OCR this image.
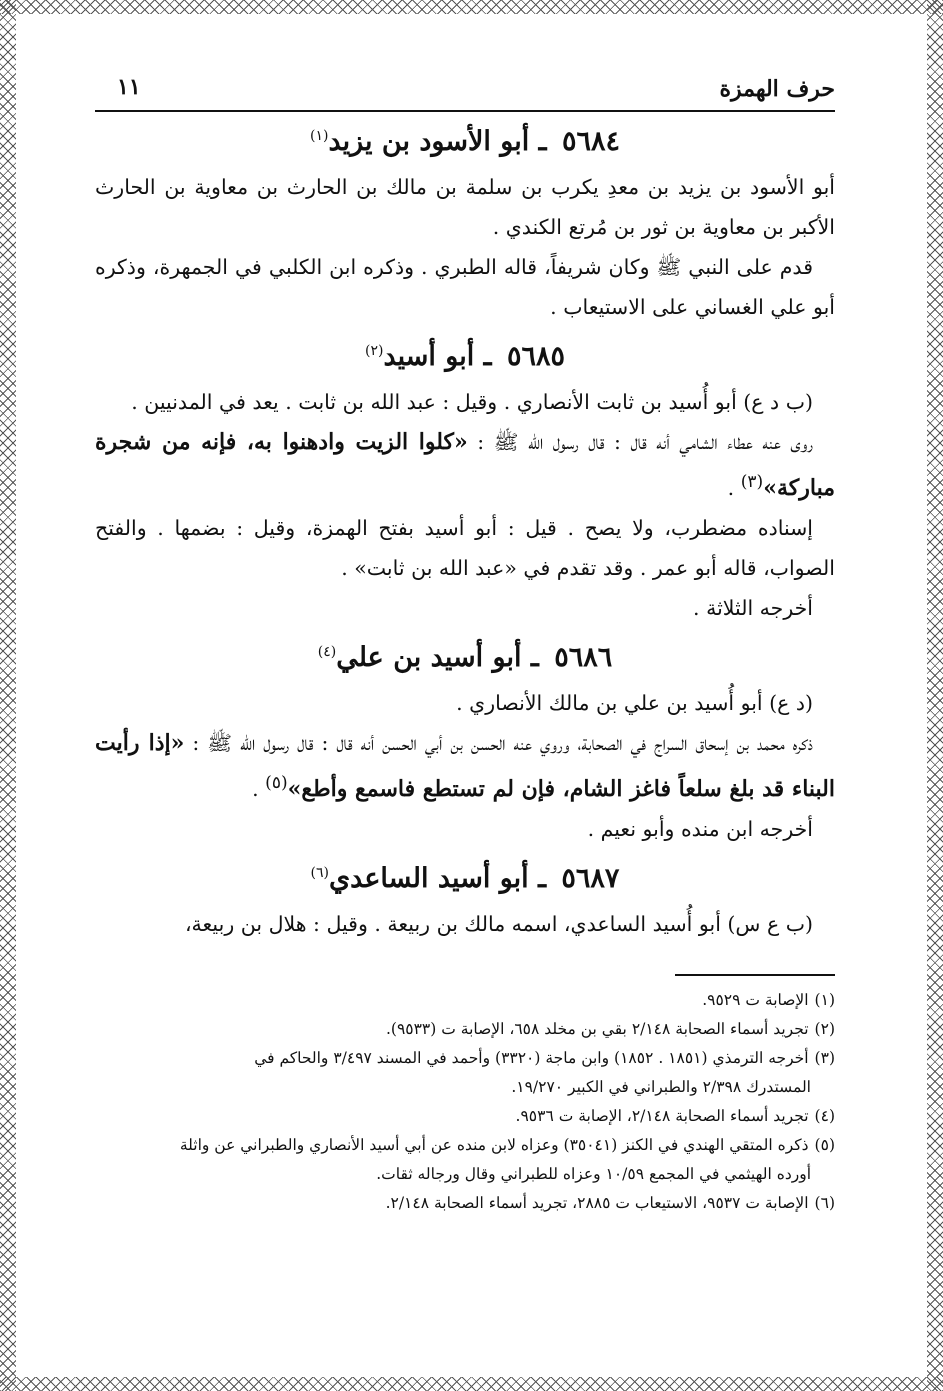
حرف الهمزة
١١
٥٦٨٤ ـ أبو الأسود بن يزيد$^{(١)}$

أبو الأسود بن يزيد بن معدِ يكرب بن سلمة بن مالك بن الحارث بن معاوية بن الحارث الأكبر بن معاوية بن ثور بن مُرتع الكندي .

قدم على النبي ﷺ وكان شريفاً، قاله الطبري . وذكره ابن الكلبي في الجمهرة، وذكره أبو علي الغساني على الاستيعاب .

٥٦٨٥ ـ أبو أسيد$^{(٢)}$

(ب د ع) أبو أُسيد بن ثابت الأنصاري . وقيل : عبد الله بن ثابت . يعد في المدنيين .

روى عنه عطاء الشامي أنه قال : قال رسول الله ﷺ : «كلوا الزيت وادهنوا به، فإنه من شجرة مباركة»$^{(٣)}$ .

إسناده مضطرب، ولا يصح . قيل : أبو أسيد بفتح الهمزة، وقيل : بضمها . والفتح الصواب، قاله أبو عمر . وقد تقدم في «عبد الله بن ثابت» .

أخرجه الثلاثة .

٥٦٨٦ ـ أبو أسيد بن علي$^{(٤)}$

(د ع) أبو أُسيد بن علي بن مالك الأنصاري .

ذكره محمد بن إسحاق السراج في الصحابة، وروي عنه الحسن بن أبي الحسن أنه قال : قال رسول الله ﷺ : «إذا رأيت البناء قد بلغ سلعاً فاغز الشام، فإن لم تستطع فاسمع وأطع»$^{(٥)}$ .

أخرجه ابن منده وأبو نعيم .

٥٦٨٧ ـ أبو أسيد الساعدي$^{(٦)}$

(ب ع س) أبو أُسيد الساعدي، اسمه مالك بن ربيعة . وقيل : هلال بن ربيعة،

(١)الإصابة ت ٩٥٢٩.

(٢)تجريد أسماء الصحابة ٢/١٤٨ بقي بن مخلد ٦٥٨، الإصابة ت (٩٥٣٣).

(٣)أخرجه الترمذي (١٨٥١ . ١٨٥٢) وابن ماجة (٣٣٢٠) وأحمد في المسند ٣/٤٩٧ والحاكم في

المستدرك ٢/٣٩٨ والطبراني في الكبير ١٩/٢٧٠.

(٤)تجريد أسماء الصحابة ٢/١٤٨، الإصابة ت ٩٥٣٦.

(٥)ذكره المتقي الهندي في الكنز (٣٥٠٤١) وعزاه لابن منده عن أبي أسيد الأنصاري والطبراني عن واثلة

أورده الهيثمي في المجمع ١٠/٥٩ وعزاه للطبراني وقال ورجاله ثقات.

(٦)الإصابة ت ٩٥٣٧، الاستيعاب ت ٢٨٨٥، تجريد أسماء الصحابة ٢/١٤٨.
